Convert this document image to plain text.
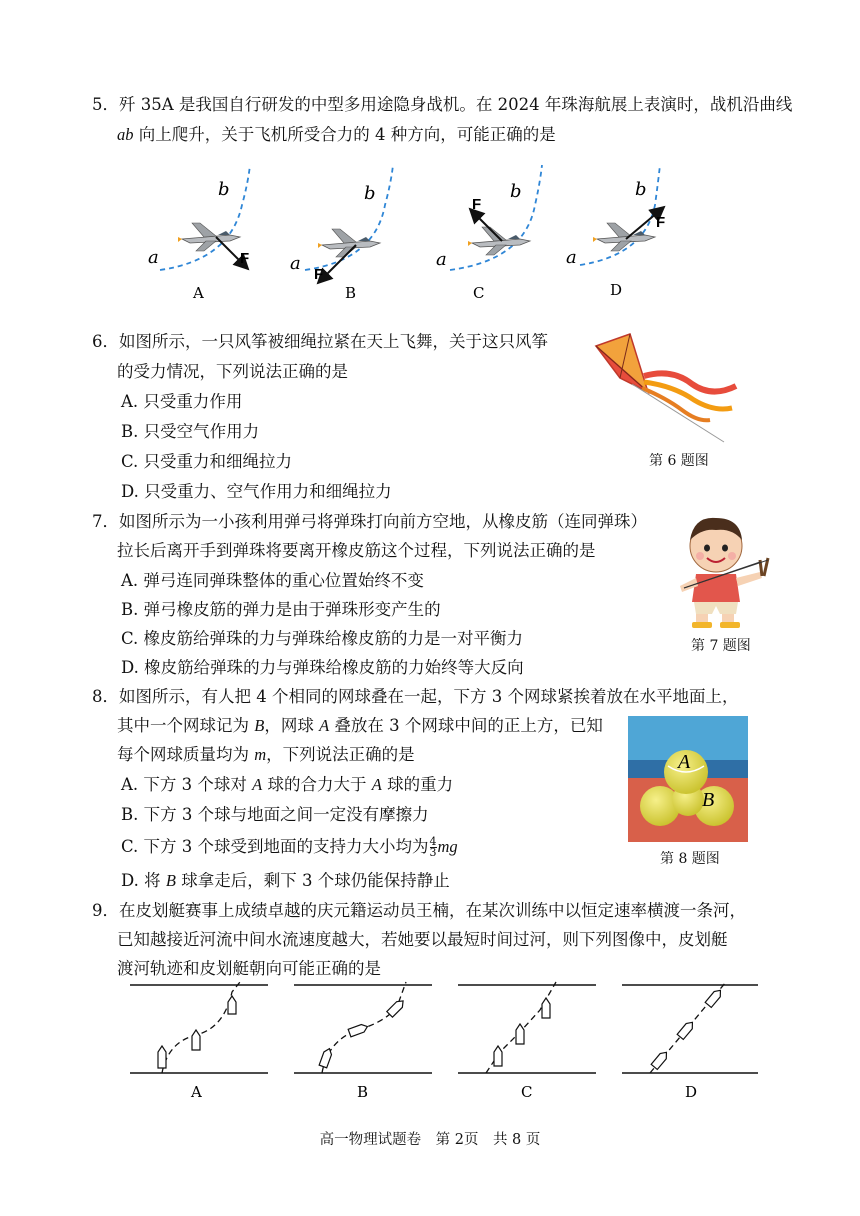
5．歼 35A 是我国自行研发的中型多用途隐身战机。在 2024 年珠海航展上表演时，战机沿曲线
ab 向上爬升，关于飞机所受合力的 4 种方向，可能正确的是
a
b
F
A
a
b
F
B
a
b
F
C
a
b
F
D
6．如图所示，一只风筝被细绳拉紧在天上飞舞，关于这只风筝
的受力情况，下列说法正确的是
A. 只受重力作用
B. 只受空气作用力
C. 只受重力和细绳拉力
D. 只受重力、空气作用力和细绳拉力
第 6 题图
7．如图所示为一小孩利用弹弓将弹珠打向前方空地，从橡皮筋（连同弹珠）
拉长后离开手到弹珠将要离开橡皮筋这个过程，下列说法正确的是
A. 弹弓连同弹珠整体的重心位置始终不变
B. 弹弓橡皮筋的弹力是由于弹珠形变产生的
C. 橡皮筋给弹珠的力与弹珠给橡皮筋的力是一对平衡力
D. 橡皮筋给弹珠的力与弹珠给橡皮筋的力始终等大反向
第 7 题图
8．如图所示，有人把 4 个相同的网球叠在一起，下方 3 个网球紧挨着放在水平地面上，
其中一个网球记为 B，网球 A 叠放在 3 个网球中间的正上方，已知
每个网球质量均为 m，下列说法正确的是
A. 下方 3 个球对 A 球的合力大于 A 球的重力
B. 下方 3 个球与地面之间一定没有摩擦力
C. 下方 3 个球受到地面的支持力大小均为 $\frac{4}{3}$ mg
D. 将 B 球拿走后，剩下 3 个球仍能保持静止
A
B
第 8 题图
9．在皮划艇赛事上成绩卓越的庆元籍运动员王楠，在某次训练中以恒定速率横渡一条河，
已知越接近河流中间水流速度越大，若她要以最短时间过河，则下列图像中，皮划艇
渡河轨迹和皮划艇朝向可能正确的是
A	B	C	D
高一物理试题卷　第 2页　共 8 页
